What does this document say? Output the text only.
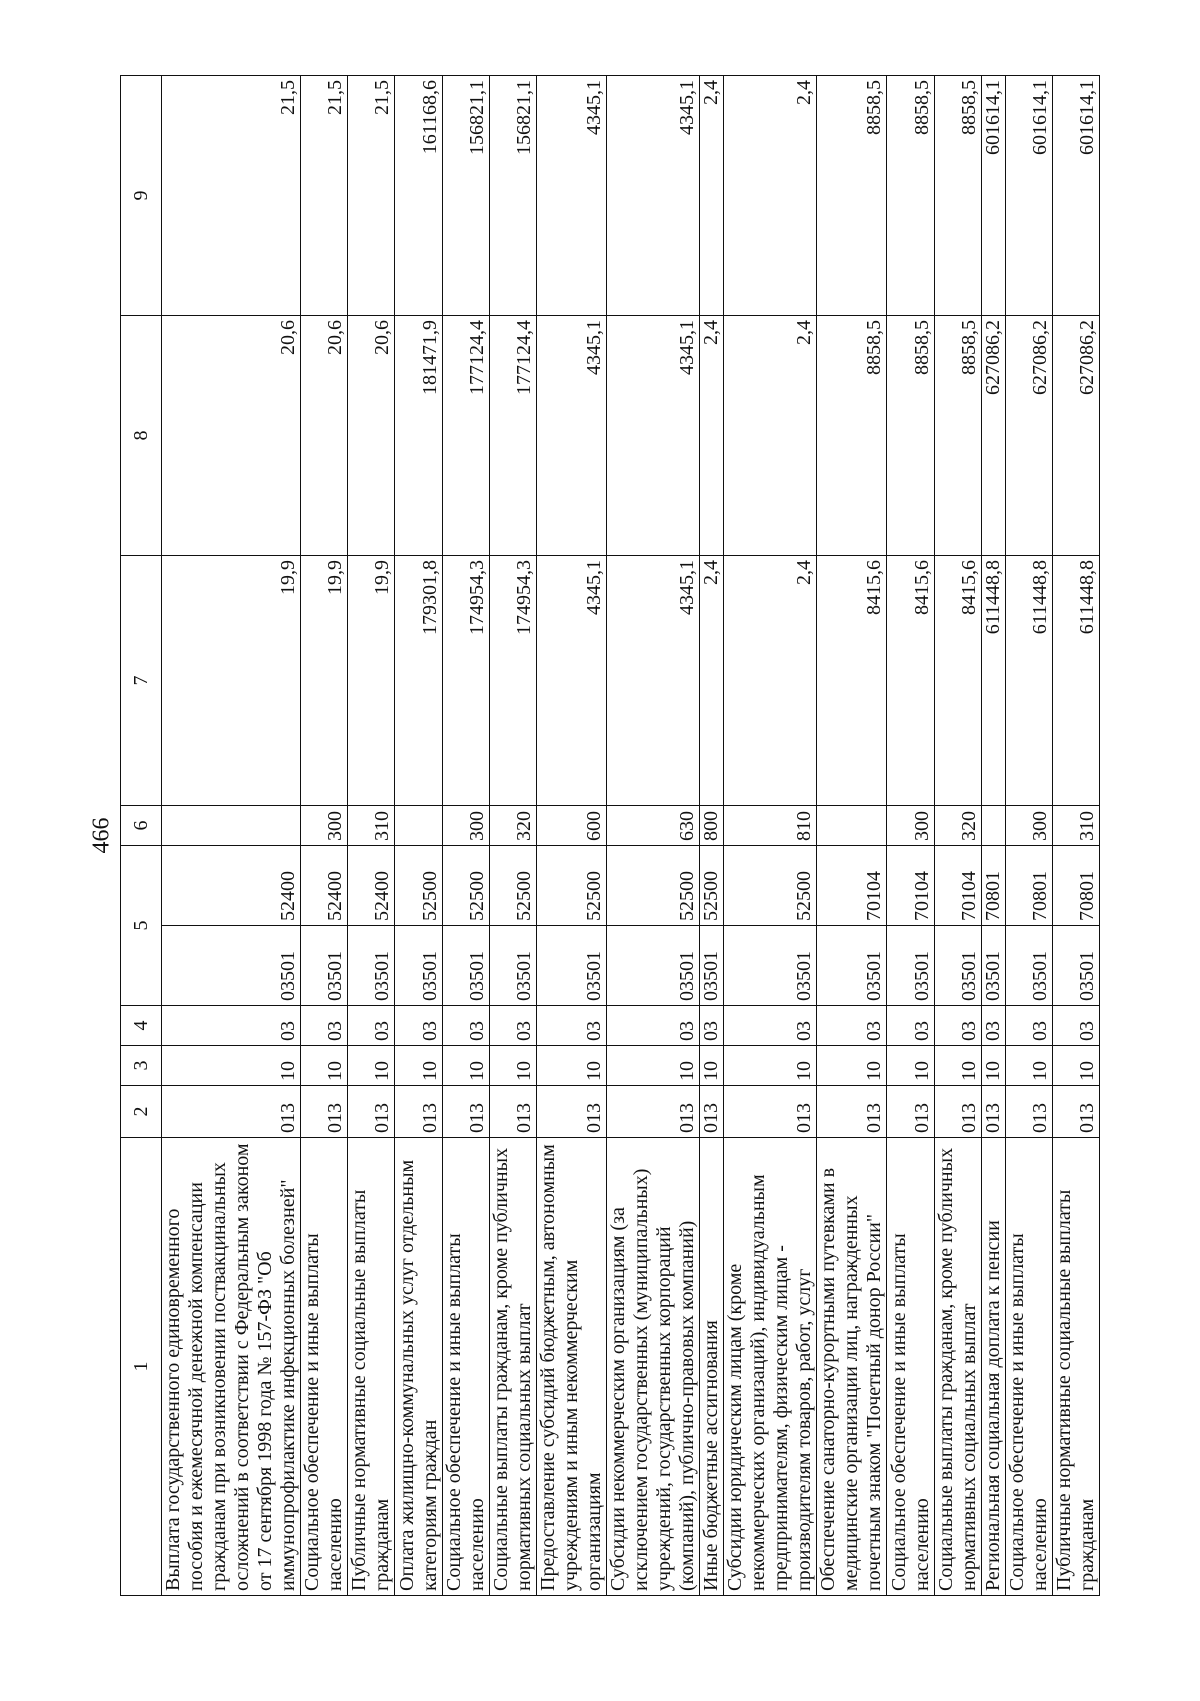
466
1	2	3	4	5		6	7	8	9
Выплата государственного единовременного пособия и ежемесячной денежной компенсации гражданам при возникновении поствакцинальных осложнений в соответствии с Федеральным законом от 17 сентября 1998 года № 157-ФЗ "Об иммунопрофилактике инфекционных болезней"	013	10	03	03501	52400		19,9	20,6	21,5
Социальное обеспечение и иные выплаты населению	013	10	03	03501	52400	300	19,9	20,6	21,5
Публичные нормативные социальные выплаты гражданам	013	10	03	03501	52400	310	19,9	20,6	21,5
Оплата жилищно-коммунальных услуг отдельным категориям граждан	013	10	03	03501	52500		179301,8	181471,9	161168,6
Социальное обеспечение и иные выплаты населению	013	10	03	03501	52500	300	174954,3	177124,4	156821,1
Социальные выплаты гражданам, кроме публичных нормативных социальных выплат	013	10	03	03501	52500	320	174954,3	177124,4	156821,1
Предоставление субсидий бюджетным, автономным учреждениям и иным некоммерческим организациям	013	10	03	03501	52500	600	4345,1	4345,1	4345,1
Субсидии некоммерческим организациям (за исключением государственных (муниципальных) учреждений, государственных корпораций (компаний), публично-правовых компаний)	013	10	03	03501	52500	630	4345,1	4345,1	4345,1
Иные бюджетные ассигнования	013	10	03	03501	52500	800	2,4	2,4	2,4
Субсидии юридическим лицам (кроме некоммерческих организаций), индивидуальным предпринимателям, физическим лицам - производителям товаров, работ, услуг	013	10	03	03501	52500	810	2,4	2,4	2,4
Обеспечение санаторно-курортными путевками в медицинские организации лиц, награжденных почетным знаком "Почетный донор России"	013	10	03	03501	70104		8415,6	8858,5	8858,5
Социальное обеспечение и иные выплаты населению	013	10	03	03501	70104	300	8415,6	8858,5	8858,5
Социальные выплаты гражданам, кроме публичных нормативных социальных выплат	013	10	03	03501	70104	320	8415,6	8858,5	8858,5
Региональная социальная доплата к пенсии	013	10	03	03501	70801		611448,8	627086,2	601614,1
Социальное обеспечение и иные выплаты населению	013	10	03	03501	70801	300	611448,8	627086,2	601614,1
Публичные нормативные социальные выплаты гражданам	013	10	03	03501	70801	310	611448,8	627086,2	601614,1
